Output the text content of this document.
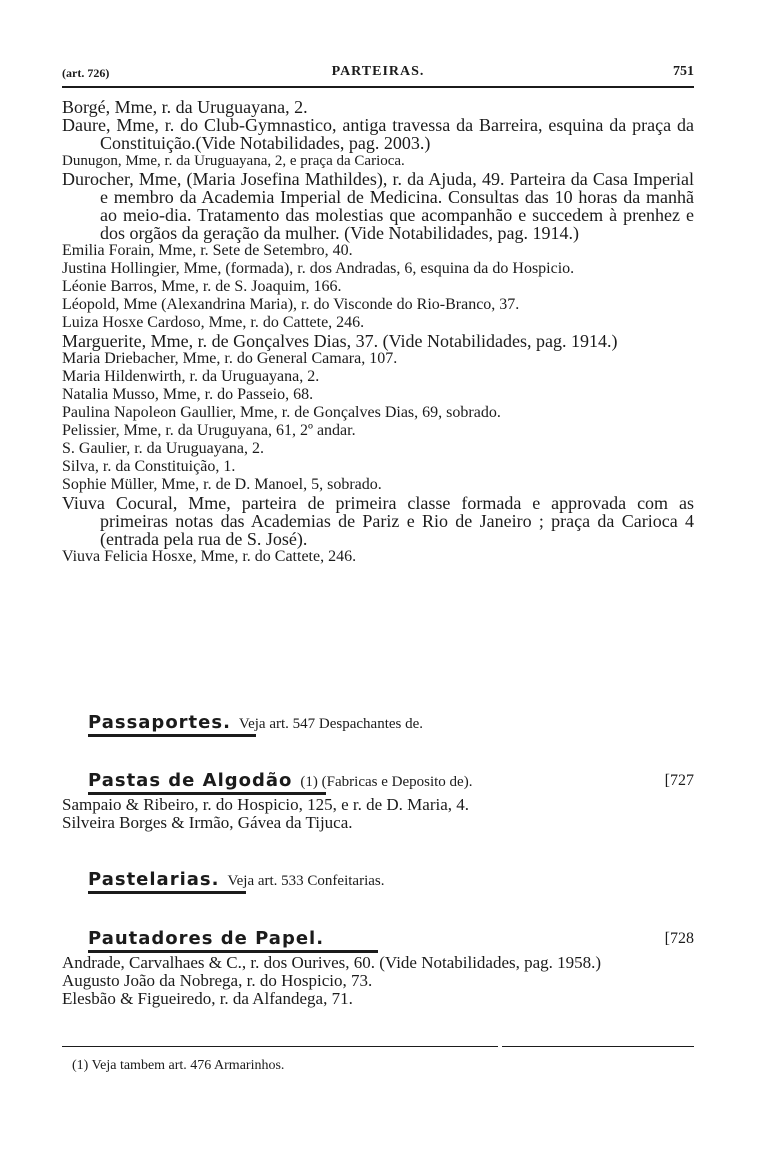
(art. 726)	PARTEIRAS.	751
Borgé, Mme, r. da Uruguayana, 2.
Daure, Mme, r. do Club-Gymnastico, antiga travessa da Barreira, esquina da praça da Constituição.(Vide Notabilidades, pag. 2003.)
Dunugon, Mme, r. da Uruguayana, 2, e praça da Carioca.
Durocher, Mme, (Maria Josefina Mathildes), r. da Ajuda, 49. Parteira da Casa Imperial e membro da Academia Imperial de Medicina. Consultas das 10 horas da manhã ao meio-dia. Tratamento das molestias que acompanhão e succedem à prenhez e dos orgãos da geração da mulher. (Vide Notabilidades, pag. 1914.)
Emilia Forain, Mme, r. Sete de Setembro, 40.
Justina Hollingier, Mme, (formada), r. dos Andradas, 6, esquina da do Hospicio.
Léonie Barros, Mme, r. de S. Joaquim, 166.
Léopold, Mme (Alexandrina Maria), r. do Visconde do Rio-Branco, 37.
Luiza Hosxe Cardoso, Mme, r. do Cattete, 246.
Marguerite, Mme, r. de Gonçalves Dias, 37. (Vide Notabilidades, pag. 1914.)
Maria Driebacher, Mme, r. do General Camara, 107.
Maria Hildenwirth, r. da Uruguayana, 2.
Natalia Musso, Mme, r. do Passeio, 68.
Paulina Napoleon Gaullier, Mme, r. de Gonçalves Dias, 69, sobrado.
Pelissier, Mme, r. da Uruguyana, 61, 2º andar.
S. Gaulier, r. da Uruguayana, 2.
Silva, r. da Constituição, 1.
Sophie Müller, Mme, r. de D. Manoel, 5, sobrado.
Viuva Cocural, Mme, parteira de primeira classe formada e approvada com as primeiras notas das Academias de Pariz e Rio de Janeiro ; praça da Carioca 4 (entrada pela rua de S. José).
Viuva Felicia Hosxe, Mme, r. do Cattete, 246.
Passaportes. Veja art. 547 Despachantes de.
Pastas de Algodão (1) (Fabricas e Deposito de).	[727
Sampaio & Ribeiro, r. do Hospicio, 125, e r. de D. Maria, 4.
Silveira Borges & Irmão, Gávea da Tijuca.
Pastelarias. Veja art. 533 Confeitarias.
Pautadores de Papel.	[728
Andrade, Carvalhaes & C., r. dos Ourives, 60. (Vide Notabilidades, pag. 1958.)
Augusto João da Nobrega, r. do Hospicio, 73.
Elesbão & Figueiredo, r. da Alfandega, 71.
(1) Veja tambem art. 476 Armarinhos.
